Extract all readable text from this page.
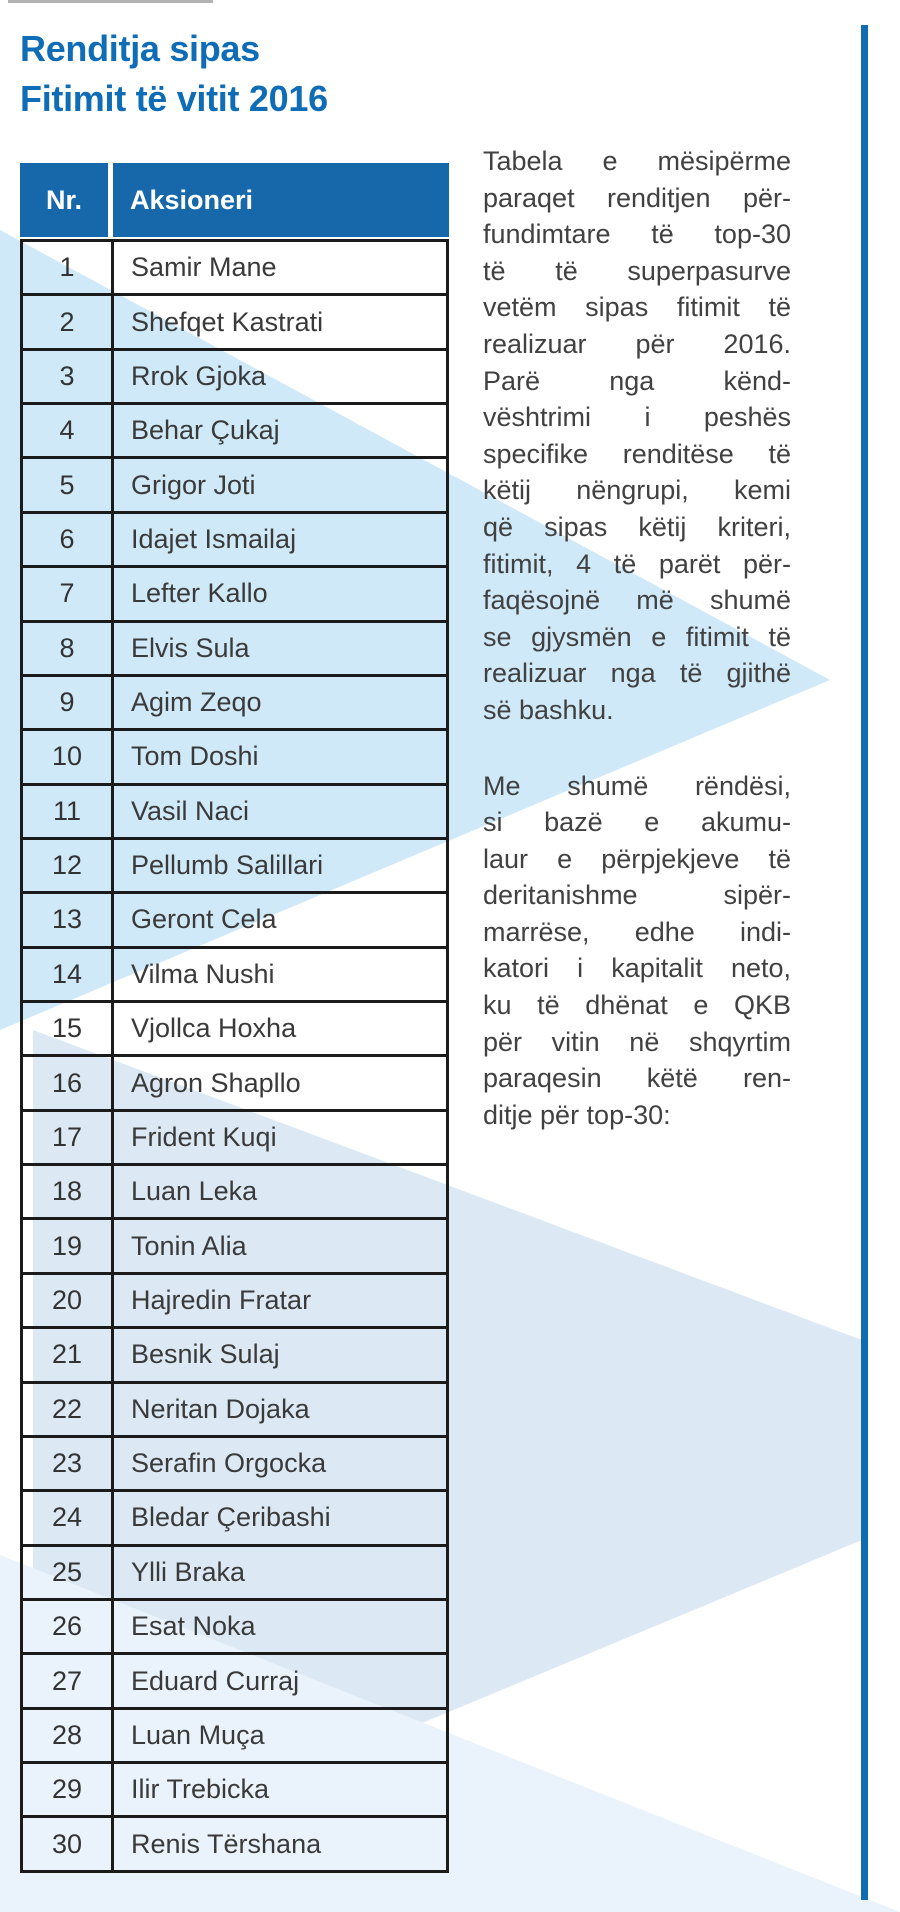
Renditja sipas
Fitimit të vitit 2016
Nr.	Aksioneri
1	Samir Mane
2	Shefqet Kastrati
3	Rrok Gjoka
4	Behar Çukaj
5	Grigor Joti
6	Idajet Ismailaj
7	Lefter Kallo
8	Elvis Sula
9	Agim Zeqo
10	Tom Doshi
11	Vasil Naci
12	Pellumb Salillari
13	Geront Cela
14	Vilma Nushi
15	Vjollca Hoxha
16	Agron Shapllo
17	Frident Kuqi
18	Luan Leka
19	Tonin Alia
20	Hajredin Fratar
21	Besnik Sulaj
22	Neritan Dojaka
23	Serafin Orgocka
24	Bledar Çeribashi
25	Ylli Braka
26	Esat Noka
27	Eduard Curraj
28	Luan Muça
29	Ilir Trebicka
30	Renis Tërshana
Tabela e mësipërme
paraqet renditjen për-
fundimtare të top-30
të të superpasurve
vetëm sipas fitimit të
realizuar për 2016.
Parë nga kënd-
vështrimi i peshës
specifike renditëse të
këtij nëngrupi, kemi
që sipas këtij kriteri,
fitimit, 4 të parët për-
faqësojnë më shumë
se gjysmën e fitimit të
realizuar nga të gjithë
së bashku.
Me shumë rëndësi,
si bazë e akumu-
laur e përpjekjeve të
deritanishme sipër-
marrëse, edhe indi-
katori i kapitalit neto,
ku të dhënat e QKB
për vitin në shqyrtim
paraqesin këtë ren-
ditje për top-30:
